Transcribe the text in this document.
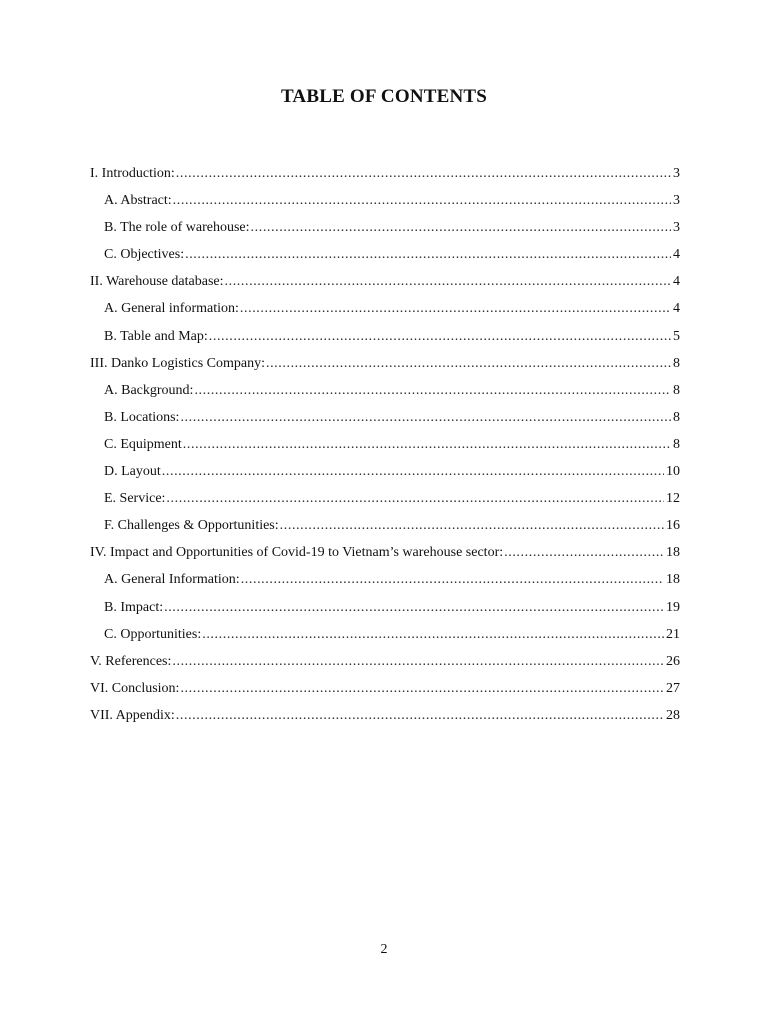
TABLE OF CONTENTS
I. Introduction: .....	3
A. Abstract: .....	3
B. The role of warehouse: .....	3
C. Objectives: .....	4
II. Warehouse database: .....	4
A. General information: .....	4
B. Table and Map: .....	5
III. Danko Logistics Company: .....	8
A. Background: .....	8
B. Locations: .....	8
C. Equipment .....	8
D. Layout .....	10
E. Service: .....	12
F. Challenges & Opportunities: .....	16
IV. Impact and Opportunities of Covid-19 to Vietnam’s warehouse sector: .....	18
A. General Information: .....	18
B. Impact: .....	19
C. Opportunities: .....	21
V. References: .....	26
VI. Conclusion: .....	27
VII. Appendix: .....	28
2
